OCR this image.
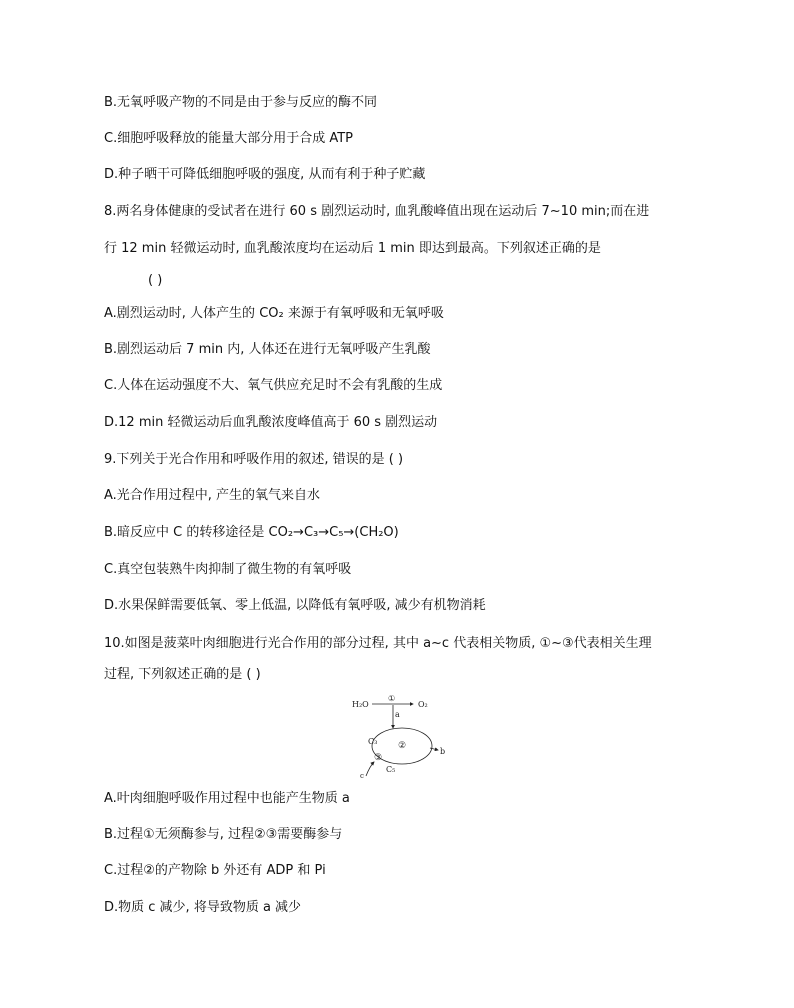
B.无氧呼吸产物的不同是由于参与反应的酶不同
C.细胞呼吸释放的能量大部分用于合成 ATP
D.种子晒干可降低细胞呼吸的强度, 从而有利于种子贮藏
8.两名身体健康的受试者在进行 60 s 剧烈运动时, 血乳酸峰值出现在运动后 7~10 min;而在进
行 12 min 轻微运动时, 血乳酸浓度均在运动后 1 min 即达到最高。下列叙述正确的是
( )
A.剧烈运动时, 人体产生的 CO₂ 来源于有氧呼吸和无氧呼吸
B.剧烈运动后 7 min 内, 人体还在进行无氧呼吸产生乳酸
C.人体在运动强度不大、氧气供应充足时不会有乳酸的生成
D.12 min 轻微运动后血乳酸浓度峰值高于 60 s 剧烈运动
9.下列关于光合作用和呼吸作用的叙述, 错误的是 ( )
A.光合作用过程中, 产生的氧气来自水
B.暗反应中 C 的转移途径是 CO₂→C₃→C₅→(CH₂O)
C.真空包装熟牛肉抑制了微生物的有氧呼吸
D.水果保鲜需要低氧、零上低温, 以降低有氧呼吸, 减少有机物消耗
10.如图是菠菜叶肉细胞进行光合作用的部分过程, 其中 a~c 代表相关物质, ①~③代表相关生理
过程, 下列叙述正确的是 ( )
H₂O
①
O₂
a
C₃ ②
③
C₅
b
c
A.叶肉细胞呼吸作用过程中也能产生物质 a
B.过程①无须酶参与, 过程②③需要酶参与
C.过程②的产物除 b 外还有 ADP 和 Pi
D.物质 c 减少, 将导致物质 a 减少
